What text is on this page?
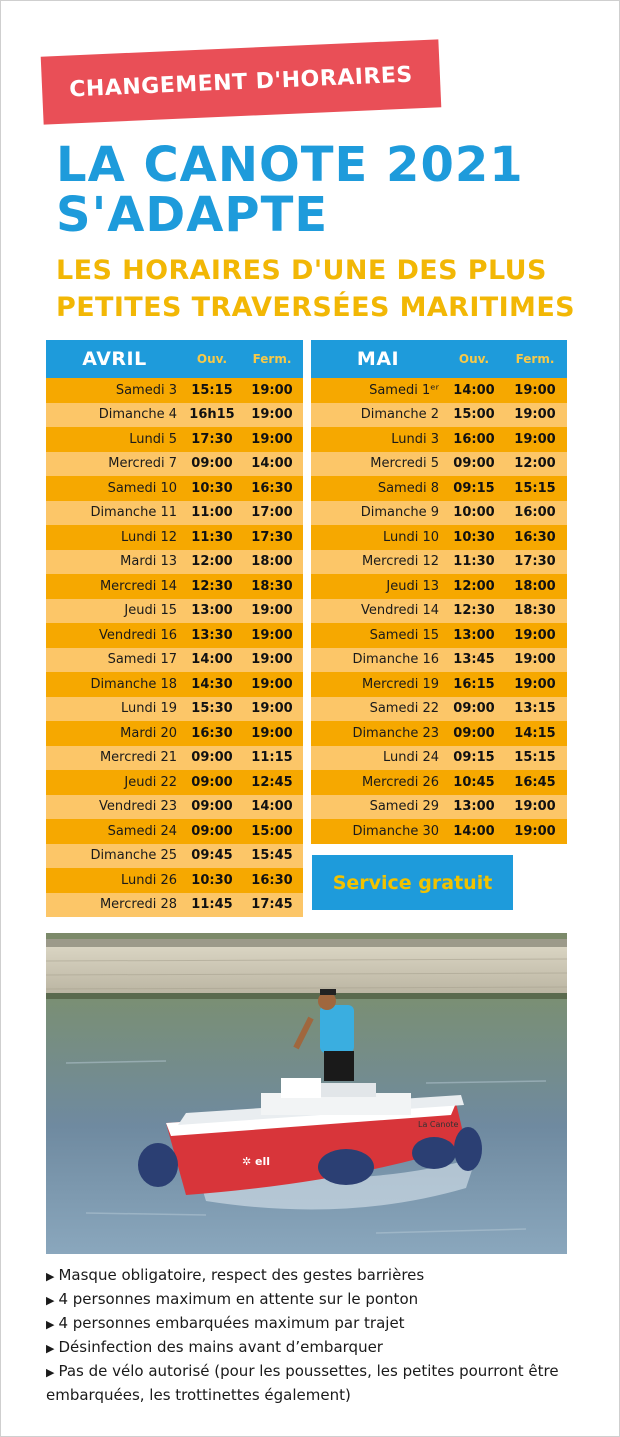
CHANGEMENT D'HORAIRES
LA CANOTE 2021
S'ADAPTE
LES HORAIRES D'UNE DES PLUS
PETITES TRAVERSÉES MARITIMES
AVRIL	Ouv.	Ferm.
Samedi 3	15:15	19:00
Dimanche 4	16h15	19:00
Lundi 5	17:30	19:00
Mercredi 7	09:00	14:00
Samedi 10	10:30	16:30
Dimanche 11	11:00	17:00
Lundi 12	11:30	17:30
Mardi 13	12:00	18:00
Mercredi 14	12:30	18:30
Jeudi 15	13:00	19:00
Vendredi 16	13:30	19:00
Samedi 17	14:00	19:00
Dimanche 18	14:30	19:00
Lundi 19	15:30	19:00
Mardi 20	16:30	19:00
Mercredi 21	09:00	11:15
Jeudi 22	09:00	12:45
Vendredi 23	09:00	14:00
Samedi 24	09:00	15:00
Dimanche 25	09:45	15:45
Lundi 26	10:30	16:30
Mercredi 28	11:45	17:45
MAI	Ouv.	Ferm.
Samedi 1ᵉʳ	14:00	19:00
Dimanche 2	15:00	19:00
Lundi 3	16:00	19:00
Mercredi 5	09:00	12:00
Samedi 8	09:15	15:15
Dimanche 9	10:00	16:00
Lundi 10	10:30	16:30
Mercredi 12	11:30	17:30
Jeudi 13	12:00	18:00
Vendredi 14	12:30	18:30
Samedi 15	13:00	19:00
Dimanche 16	13:45	19:00
Mercredi 19	16:15	19:00
Samedi 22	09:00	13:15
Dimanche 23	09:00	14:15
Lundi 24	09:15	15:15
Mercredi 26	10:45	16:45
Samedi 29	13:00	19:00
Dimanche 30	14:00	19:00
Service gratuit
✲ ell
La Canote
▶ Masque obligatoire, respect des gestes barrières
▶ 4 personnes maximum en attente sur le ponton
▶ 4 personnes embarquées maximum par trajet
▶ Désinfection des mains avant d’embarquer
▶ Pas de vélo autorisé (pour les poussettes, les petites pourront être embarquées, les trottinettes également)
